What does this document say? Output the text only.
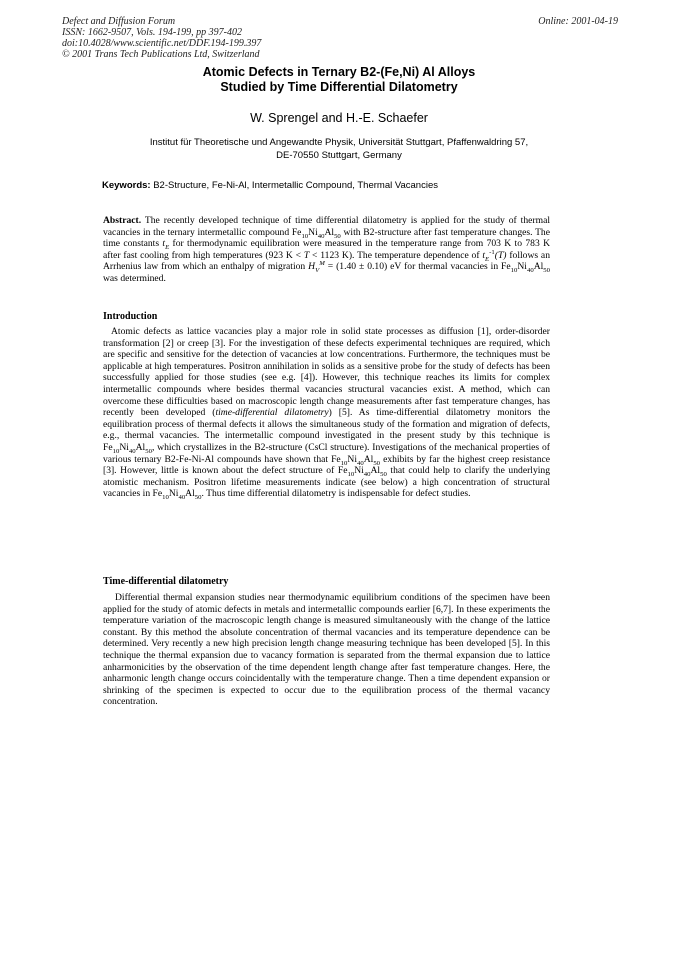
Defect and Diffusion Forum
ISSN: 1662-9507, Vols. 194-199, pp 397-402
doi:10.4028/www.scientific.net/DDF.194-199.397
© 2001 Trans Tech Publications Ltd, Switzerland
Online: 2001-04-19
Atomic Defects in Ternary B2-(Fe,Ni) Al Alloys
Studied by Time Differential Dilatometry
W. Sprengel and H.-E. Schaefer
Institut für Theoretische und Angewandte Physik, Universität Stuttgart, Pfaffenwaldring 57,
DE-70550 Stuttgart, Germany
Keywords: B2-Structure, Fe-Ni-Al, Intermetallic Compound, Thermal Vacancies
Abstract. The recently developed technique of time differential dilatometry is applied for the study of thermal vacancies in the ternary intermetallic compound $Fe_{10}Ni_{40}Al_{50}$ with B2-structure after fast temperature changes. The time constants $t_E$ for thermodynamic equilibration were measured in the temperature range from 703 K to 783 K after fast cooling from high temperatures (923 K < T < 1123 K). The temperature dependence of $t_E^{-1}(T)$ follows an Arrhenius law from which an enthalpy of migration $H_V^M = (1.40 \pm 0.10)$ eV for thermal vacancies in $Fe_{10}Ni_{40}Al_{50}$ was determined.
Introduction
Atomic defects as lattice vacancies play a major role in solid state processes as diffusion [1], order-disorder transformation [2] or creep [3]. For the investigation of these defects experimental techniques are required, which are specific and sensitive for the detection of vacancies at low concentrations. Furthermore, the techniques must be applicable at high temperatures. Positron annihilation in solids as a sensitive probe for the study of defects has been successfully applied for those studies (see e.g. [4]). However, this technique reaches its limits for complex intermetallic compounds where besides thermal vacancies structural vacancies exist. A method, which can overcome these difficulties based on macroscopic length change measurements after fast temperature changes, has recently been developed (time-differential dilatometry) [5]. As time-differential dilatometry monitors the equilibration process of thermal defects it allows the simultaneous study of the formation and migration of defects, e.g., thermal vacancies. The intermetallic compound investigated in the present study by this technique is $Fe_{10}Ni_{40}Al_{50}$, which crystallizes in the B2-structure (CsCl structure). Investigations of the mechanical properties of various ternary B2-Fe-Ni-Al compounds have shown that $Fe_{10}Ni_{40}Al_{50}$ exhibits by far the highest creep resistance [3]. However, little is known about the defect structure of $Fe_{10}Ni_{40}Al_{50}$ that could help to clarify the underlying atomistic mechanism. Positron lifetime measurements indicate (see below) a high concentration of structural vacancies in $Fe_{10}Ni_{40}Al_{50}$. Thus time differential dilatometry is indispensable for defect studies.
Time-differential dilatometry
Differential thermal expansion studies near thermodynamic equilibrium conditions of the specimen have been applied for the study of atomic defects in metals and intermetallic compounds earlier [6,7]. In these experiments the temperature variation of the macroscopic length change is measured simultaneously with the change of the lattice constant. By this method the absolute concentration of thermal vacancies and its temperature dependence can be determined. Very recently a new high precision length change measuring technique has been developed [5]. In this technique the thermal expansion due to vacancy formation is separated from the thermal expansion due to lattice anharmonicities by the observation of the time dependent length change after fast temperature changes. Here, the anharmonic length change occurs coincidentally with the temperature change. Then a time dependent expansion or shrinking of the specimen is expected to occur due to the equilibration process of the thermal vacancy concentration.
